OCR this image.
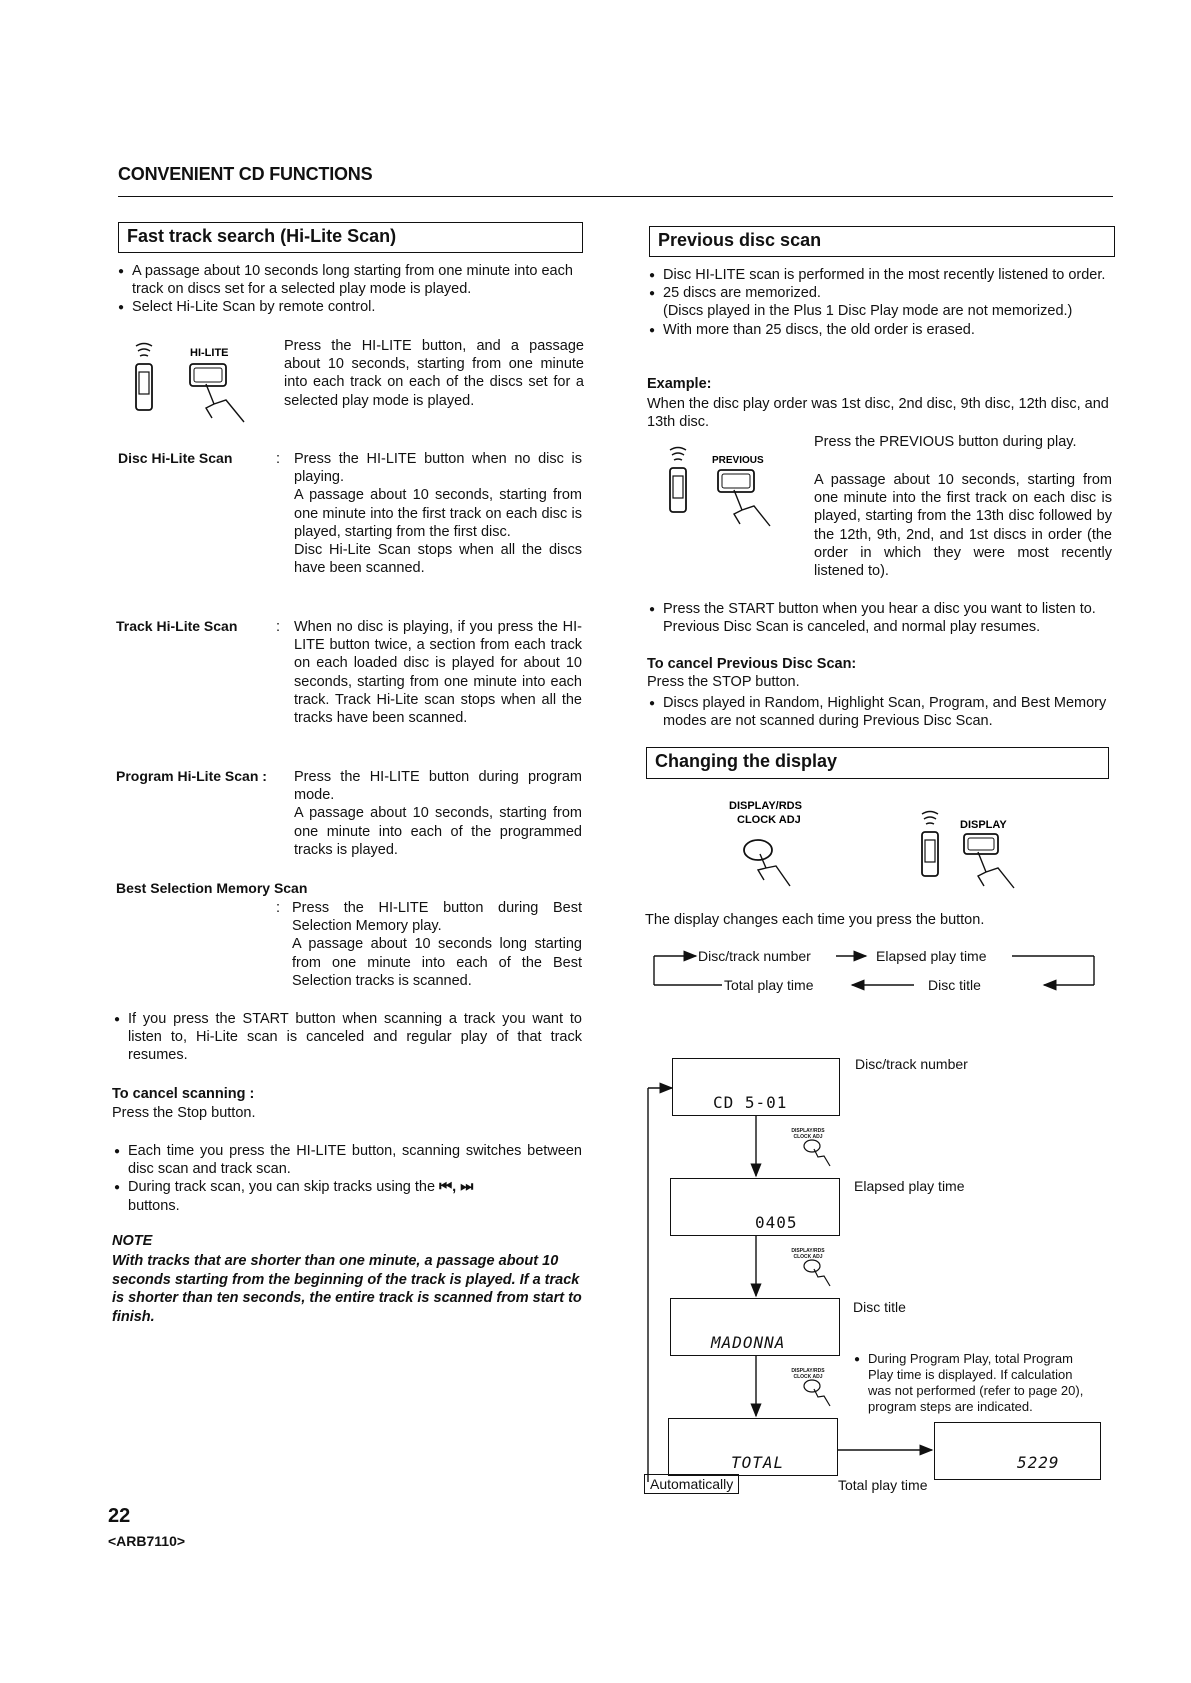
CONVENIENT CD FUNCTIONS
Fast track search (Hi-Lite Scan)
● A passage about 10 seconds long starting from one minute into each track on discs set for a selected play mode is played.
● Select Hi-Lite Scan by remote control.
HI-LITE	Press the HI-LITE button, and a passage about 10 seconds, starting from one minute into each track on each of the discs set for a selected play mode is played.
Disc Hi-Lite Scan	: Press the HI-LITE button when no disc is playing.
A passage about 10 seconds, starting from one minute into the first track on each disc is played, starting from the first disc.
Disc Hi-Lite Scan stops when all the discs have been scanned.
Track Hi-Lite Scan	: When no disc is playing, if you press the HI-LITE button twice, a section from each track on each loaded disc is played for about 10 seconds, starting from one minute into each track. Track Hi-Lite scan stops when all the tracks have been scanned.
Program Hi-Lite Scan : Press the HI-LITE button during program mode.
A passage about 10 seconds, starting from one minute into each of the programmed tracks is played.
Best Selection Memory Scan
: Press the HI-LITE button during Best Selection Memory play.
A passage about 10 seconds long starting from one minute into each of the Best Selection tracks is scanned.
● If you press the START button when scanning a track you want to listen to, Hi-Lite scan is canceled and regular play of that track resumes.
To cancel scanning :
Press the Stop button.
● Each time you press the HI-LITE button, scanning switches between disc scan and track scan.
● During track scan, you can skip tracks using the ⏮, ⏭
buttons.
NOTE
With tracks that are shorter than one minute, a passage about 10 seconds starting from the beginning of the track is played. If a track is shorter than ten seconds, the entire track is scanned from start to finish.
Previous disc scan
● Disc HI-LITE scan is performed in the most recently listened to order.
● 25 discs are memorized.
(Discs played in the Plus 1 Disc Play mode are not memorized.)
● With more than 25 discs, the old order is erased.
Example:
When the disc play order was 1st disc, 2nd disc, 9th disc, 12th disc, and 13th disc.
Press the PREVIOUS button during play.
PREVIOUS
A passage about 10 seconds, starting from one minute into the first track on each disc is played, starting from the 13th disc followed by the 12th, 9th, 2nd, and 1st discs in order (the order in which they were most recently listened to).
● Press the START button when you hear a disc you want to listen to. Previous Disc Scan is canceled, and normal play resumes.
To cancel Previous Disc Scan:
Press the STOP button.
● Discs played in Random, Highlight Scan, Program, and Best Memory modes are not scanned during Previous Disc Scan.
Changing the display
DISPLAY/RDS
CLOCK ADJ	DISPLAY
The display changes each time you press the button.
Disc/track number	Elapsed play time
Total play time	Disc title
DISPLAY/RDS CLOCK ADJ
DISPLAY/RDS CLOCK ADJ
DISPLAY/RDS CLOCK ADJ
CD 5-01
0405
MADONNA
TOTAL	5229
Disc/track number
Elapsed play time
Disc title
● During Program Play, total Program Play time is displayed. If calculation was not performed (refer to page 20), program steps are indicated.
Automatically	Total play time
22
<ARB7110>
